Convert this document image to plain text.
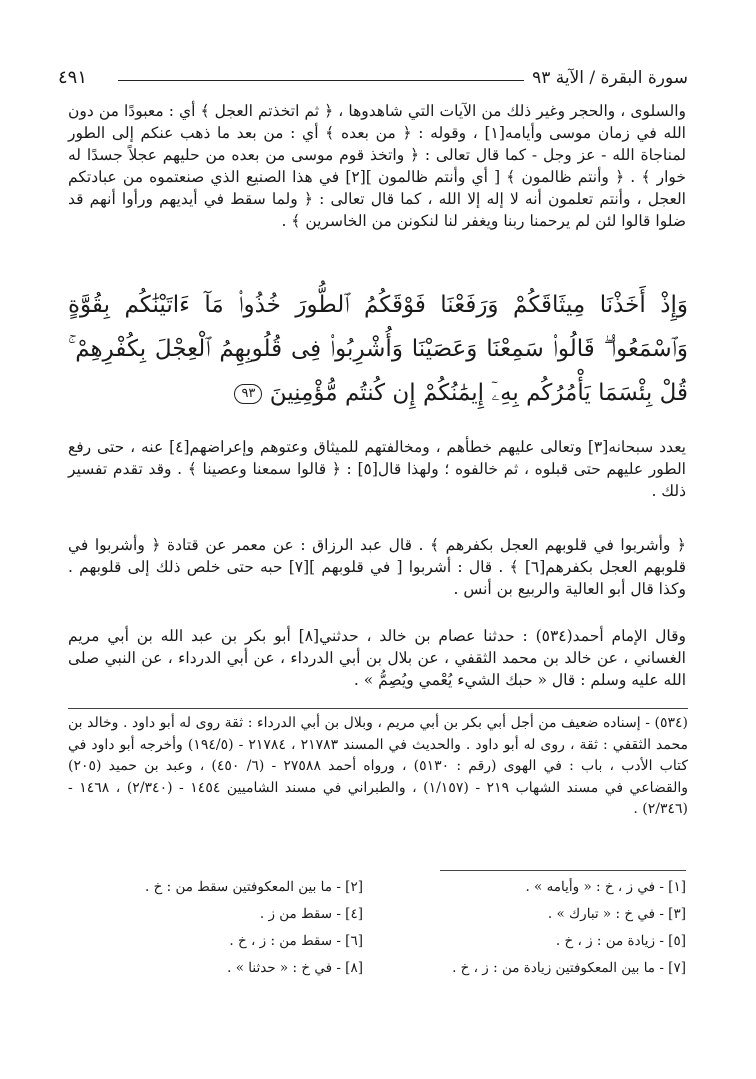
٤٩١	سورة البقرة / الآية ٩٣
والسلوى ، والحجر وغير ذلك من الآيات التي شاهدوها ، ﴿ ثم اتخذتم العجل ﴾ أي : معبودًا من دون الله في زمان موسى وأيامه[١] ، وقوله : ﴿ من بعده ﴾ أي : من بعد ما ذهب عنكم إلى الطور لمناجاة الله - عز وجل - كما قال تعالى : ﴿ واتخذ قوم موسى من بعده من حليهم عجلاً جسدًا له خوار ﴾ . ﴿ وأنتم ظالمون ﴾ [ أي وأنتم ظالمون ][٢] في هذا الصنيع الذي صنعتموه من عبادتكم العجل ، وأنتم تعلمون أنه لا إله إلا الله ، كما قال تعالى : ﴿ ولما سقط في أيديهم ورأوا أنهم قد ضلوا قالوا لئن لم يرحمنا ربنا ويغفر لنا لنكونن من الخاسرين ﴾ .
وَإِذْ أَخَذْنَا مِيثَاقَكُمْ وَرَفَعْنَا فَوْقَكُمُ ٱلطُّورَ خُذُوا۟ مَآ ءَاتَيْنَٰكُم بِقُوَّةٍ وَٱسْمَعُوا۟ ۖ قَالُوا۟ سَمِعْنَا وَعَصَيْنَا وَأُشْرِبُوا۟ فِى قُلُوبِهِمُ ٱلْعِجْلَ بِكُفْرِهِمْ ۚ قُلْ بِئْسَمَا يَأْمُرُكُم بِهِۦٓ إِيمَٰنُكُمْ إِن كُنتُم مُّؤْمِنِينَ ٩٣
يعدد سبحانه[٣] وتعالى عليهم خطأهم ، ومخالفتهم للميثاق وعتوهم وإعراضهم[٤] عنه ، حتى رفع الطور عليهم حتى قبلوه ، ثم خالفوه ؛ ولهذا قال[٥] : ﴿ قالوا سمعنا وعصينا ﴾ . وقد تقدم تفسير ذلك .
﴿ وأشربوا في قلوبهم العجل بكفرهم ﴾ . قال عبد الرزاق : عن معمر عن قتادة ﴿ وأشربوا في قلوبهم العجل بكفرهم[٦] ﴾ . قال : أشربوا [ في قلوبهم ][٧] حبه حتى خلص ذلك إلى قلوبهم . وكذا قال أبو العالية والربيع بن أنس .
وقال الإمام أحمد(٥٣٤) : حدثنا عصام بن خالد ، حدثني[٨] أبو بكر بن عبد الله بن أبي مريم الغساني ، عن خالد بن محمد الثقفي ، عن بلال بن أبي الدرداء ، عن أبي الدرداء ، عن النبي صلى الله عليه وسلم : قال « حبك الشيء يُعْمي ويُصِمُّ » .
(٥٣٤) - إسناده ضعيف من أجل أبي بكر بن أبي مريم ، وبلال بن أبي الدرداء : ثقة روى له أبو داود . وخالد بن محمد الثقفي : ثقة ، روى له أبو داود . والحديث في المسند ٢١٧٨٣ ، ٢١٧٨٤ - (١٩٤/٥) وأخرجه أبو داود في كتاب الأدب ، باب : في الهوى (رقم : ٥١٣٠) ، ورواه أحمد ٢٧٥٨٨ - (٦/ ٤٥٠) ، وعبد بن حميد (٢٠٥) والقضاعي في مسند الشهاب ٢١٩ - (١/١٥٧) ، والطبراني في مسند الشاميين ١٤٥٤ - (٢/٣٤٠) ، ١٤٦٨ - (٢/٣٤٦) .
[١] - في ز ، خ : « وأيامه » .
[٢] - ما بين المعكوفتين سقط من : خ .
[٣] - في خ : « تبارك » .
[٤] - سقط من ز .
[٥] - زيادة من : ز ، خ .
[٦] - سقط من : ز ، خ .
[٧] - ما بين المعكوفتين زيادة من : ز ، خ .
[٨] - في خ : « حدثنا » .
